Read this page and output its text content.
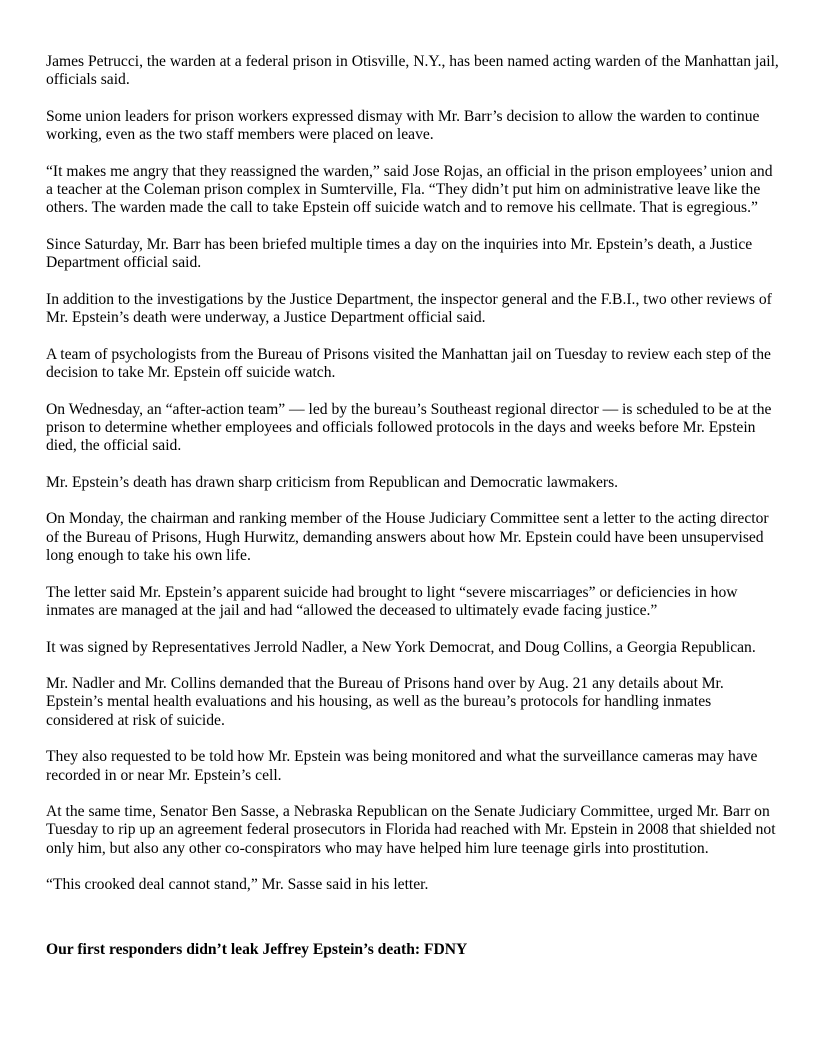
James Petrucci, the warden at a federal prison in Otisville, N.Y., has been named acting warden of the Manhattan jail, officials said.

Some union leaders for prison workers expressed dismay with Mr. Barr’s decision to allow the warden to continue working, even as the two staff members were placed on leave.

“It makes me angry that they reassigned the warden,” said Jose Rojas, an official in the prison employees’ union and a teacher at the Coleman prison complex in Sumterville, Fla. “They didn’t put him on administrative leave like the others. The warden made the call to take Epstein off suicide watch and to remove his cellmate. That is egregious.”

Since Saturday, Mr. Barr has been briefed multiple times a day on the inquiries into Mr. Epstein’s death, a Justice Department official said.

In addition to the investigations by the Justice Department, the inspector general and the F.B.I., two other reviews of Mr. Epstein’s death were underway, a Justice Department official said.

A team of psychologists from the Bureau of Prisons visited the Manhattan jail on Tuesday to review each step of the decision to take Mr. Epstein off suicide watch.

On Wednesday, an “after-action team” — led by the bureau’s Southeast regional director — is scheduled to be at the prison to determine whether employees and officials followed protocols in the days and weeks before Mr. Epstein died, the official said.

Mr. Epstein’s death has drawn sharp criticism from Republican and Democratic lawmakers.

On Monday, the chairman and ranking member of the House Judiciary Committee sent a letter to the acting director of the Bureau of Prisons, Hugh Hurwitz, demanding answers about how Mr. Epstein could have been unsupervised long enough to take his own life.

The letter said Mr. Epstein’s apparent suicide had brought to light “severe miscarriages” or deficiencies in how inmates are managed at the jail and had “allowed the deceased to ultimately evade facing justice.”

It was signed by Representatives Jerrold Nadler, a New York Democrat, and Doug Collins, a Georgia Republican.

Mr. Nadler and Mr. Collins demanded that the Bureau of Prisons hand over by Aug. 21 any details about Mr. Epstein’s mental health evaluations and his housing, as well as the bureau’s protocols for handling inmates considered at risk of suicide.

They also requested to be told how Mr. Epstein was being monitored and what the surveillance cameras may have recorded in or near Mr. Epstein’s cell.

At the same time, Senator Ben Sasse, a Nebraska Republican on the Senate Judiciary Committee, urged Mr. Barr on Tuesday to rip up an agreement federal prosecutors in Florida had reached with Mr. Epstein in 2008 that shielded not only him, but also any other co-conspirators who may have helped him lure teenage girls into prostitution.

“This crooked deal cannot stand,” Mr. Sasse said in his letter.

Our first responders didn’t leak Jeffrey Epstein’s death: FDNY
